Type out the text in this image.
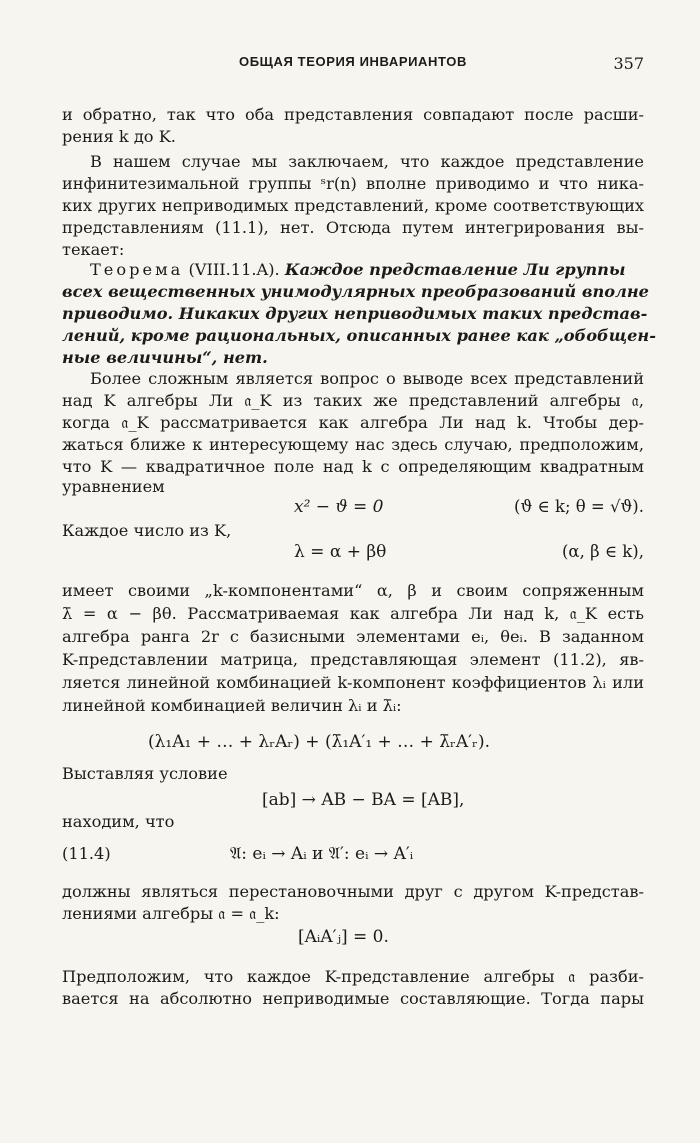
ОБЩАЯ ТЕОРИЯ ИНВАРИАНТОВ	357
и обратно, так что оба представления совпадают после расши-
рения k до K.
В нашем случае мы заключаем, что каждое представление
инфинитезимальной группы ˢr(n) вполне приводимо и что ника-
ких других неприводимых представлений, кроме соответствующих
представлениям (11.1), нет. Отсюда путем интегрирования вы-
текает:
Теорема (VIII.11.A). Каждое представление Ли группы
всех вещественных унимодулярных преобразований вполне
приводимо. Никаких других неприводимых таких представ-
лений, кроме рациональных, описанных ранее как „обобщен-
ные величины“, нет.
Более сложным является вопрос о выводе всех представлений
над K алгебры Ли 𝔞_K из таких же представлений алгебры 𝔞,
когда 𝔞_K рассматривается как алгебра Ли над k. Чтобы дер-
жаться ближе к интересующему нас здесь случаю, предположим,
что K — квадратичное поле над k с определяющим квадратным
уравнением
x² − ϑ = 0	(ϑ ∈ k; θ = √ϑ).
Каждое число из K,
λ = α + βθ	(α, β ∈ k),
имеет своими „k-компонентами“ α, β и своим сопряженным
λ̄ = α − βθ. Рассматриваемая как алгебра Ли над k, 𝔞_K есть
алгебра ранга 2r с базисными элементами eᵢ, θeᵢ. В заданном
K-представлении матрица, представляющая элемент (11.2), яв-
ляется линейной комбинацией k-компонент коэффициентов λᵢ или
линейной комбинацией величин λᵢ и λ̄ᵢ:
(λ₁A₁ + … + λᵣAᵣ) + (λ̄₁A′₁ + … + λ̄ᵣA′ᵣ).
Выставляя условие
[ab] → AB − BA = [AB],
находим, что
(11.4)	𝔄: eᵢ → Aᵢ и 𝔄′: eᵢ → A′ᵢ
должны являться перестановочными друг с другом K-представ-
лениями алгебры 𝔞 = 𝔞_k:
[AᵢA′ⱼ] = 0.
Предположим, что каждое K-представление алгебры 𝔞 разби-
вается на абсолютно неприводимые составляющие. Тогда пары
